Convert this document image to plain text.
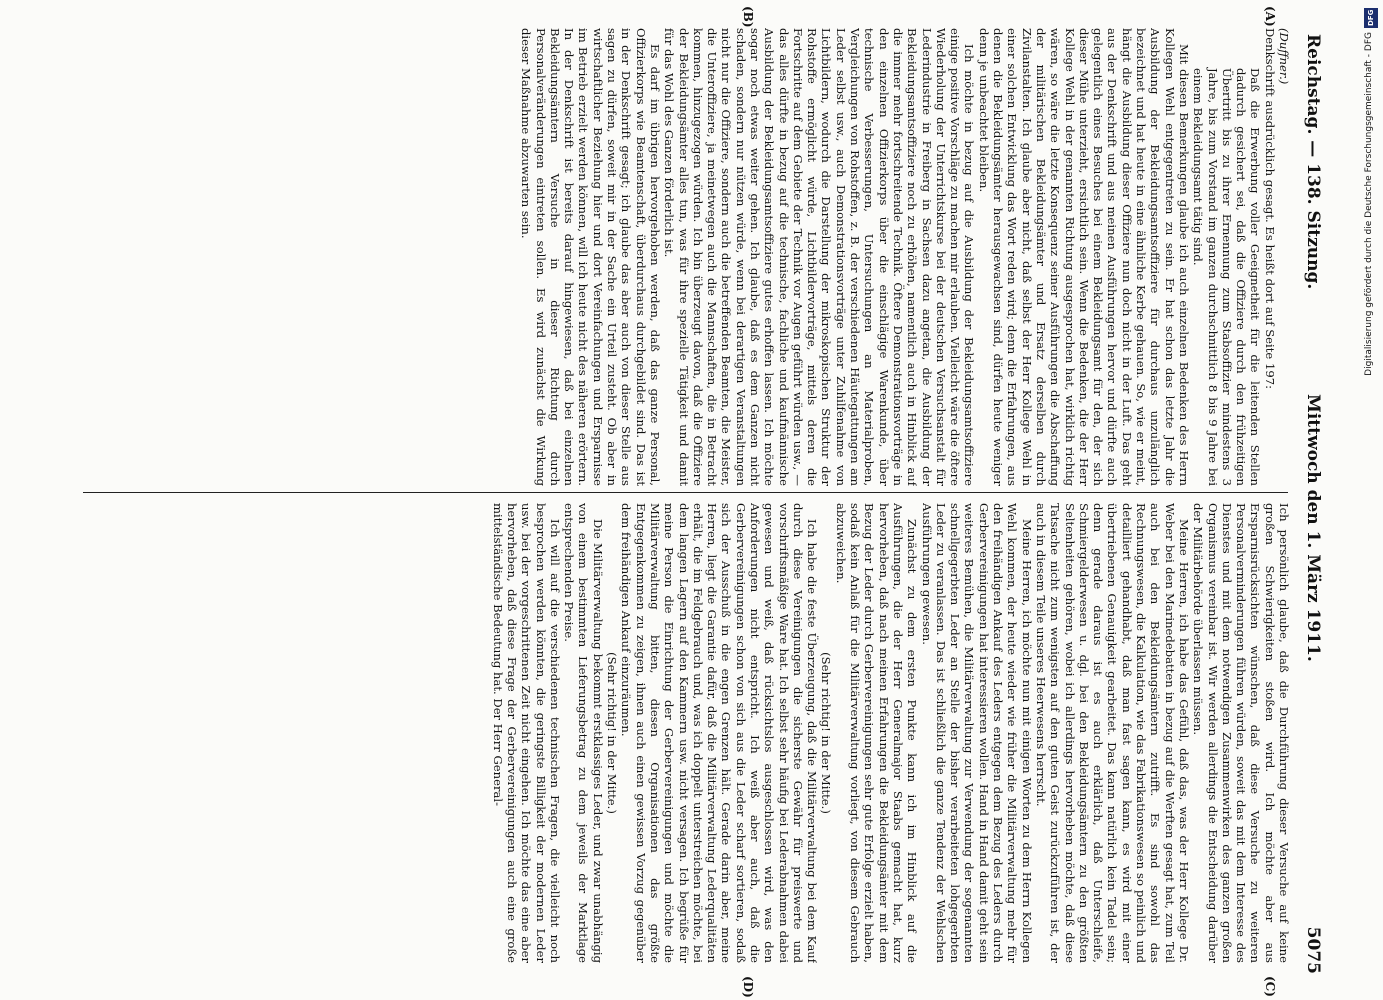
Reichstag. — 138. Sitzung.
Mittwoch den 1. März 1911.
5075
(A)
(B)
(C)
(D)

(Duffner.)

Denkschrift ausdrücklich gesagt. Es heißt dort auf Seite 197:

Daß die Erwerbung voller Geeignetheit für die leitenden Stellen dadurch gesichert sei, daß die Offiziere durch den frühzeitigen Übertritt bis zu ihrer Ernennung zum Stabsoffizier mindestens 3 Jahre, bis zum Vorstand im ganzen durchschnittlich 8 bis 9 Jahre bei einem Bekleidungsamt tätig sind.

Mit diesen Bemerkungen glaube ich auch einzelnen Bedenken des Herrn Kollegen Wehl entgegentreten zu sein. Er hat schon das letzte Jahr die Ausbildung der Bekleidungsamtsoffiziere für durchaus unzulänglich bezeichnet und hat heute in eine ähnliche Kerbe gehauen. So, wie er meint, hängt die Ausbildung dieser Offiziere nun doch nicht in der Luft. Das geht aus der Denkschrift und aus meinen Ausführungen hervor und dürfte auch gelegentlich eines Besuches bei einem Bekleidungsamt für den, der sich dieser Mühe unterzieht, ersichtlich sein. Wenn die Bedenken, die der Herr Kollege Wehl in der genannten Richtung ausgesprochen hat, wirklich richtig wären, so wäre die letzte Konsequenz seiner Ausführungen die Abschaffung der militärischen Bekleidungsämter und Ersatz derselben durch Zivilanstalten. Ich glaube aber nicht, daß selbst der Herr Kollege Wehl in einer solchen Entwicklung das Wort reden wird; denn die Erfahrungen, aus denen die Bekleidungsämter herausgewachsen sind, dürfen heute weniger denn je unbeachtet bleiben.

Ich möchte in bezug auf die Ausbildung der Bekleidungsamtsoffiziere einige positive Vorschläge zu machen mir erlauben. Vielleicht wäre die öftere Wiederholung der Unterrichtskurse bei der deutschen Versuchsanstalt für Lederindustrie in Freiberg in Sachsen dazu angetan, die Ausbildung der Bekleidungsamtsoffiziere noch zu erhöhen, namentlich auch in Hinblick auf die immer mehr fortschreitende Technik. Öftere Demonstrationsvorträge in den einzelnen Offizierkorps über die einschlägige Warenkunde, über technische Verbesserungen, Untersuchungen an Materialproben, Vergleichungen von Rohstoffen, z. B. der verschiedenen Häutegattungen am Leder selbst usw., auch Demonstrationsvorträge unter Zuhilfenahme von Lichtbildern, wodurch die Darstellung der mikroskopischen Struktur der Rohstoffe ermöglicht würde, Lichtbildervorträge, mittels deren die Fortschritte auf dem Gebiete der Technik vor Augen geführt würden usw., — das alles dürfte in bezug auf die technische, fachliche und kaufmännische Ausbildung der Bekleidungsamtsoffiziere gutes erhoffen lassen. Ich möchte sogar noch etwas weiter gehen. Ich glaube, daß es dem Ganzen nicht schaden, sondern nur nützen würde, wenn bei derartigen Veranstaltungen nicht nur die Offiziere, sondern auch die betreffenden Beamten, die Meister, die Unteroffiziere, ja meinetwegen auch die Mannschaften, die in Betracht kommen, hinzugezogen würden. Ich bin überzeugt davon, daß die Offiziere der Bekleidungsämter alles tun, was für ihre spezielle Tätigkeit und damit für das Wohl des Ganzen förderlich ist.

Es darf im übrigen hervorgehoben werden, daß das ganze Personal, Offizierkorps wie Beamtenschaft, überdurchaus durchgebildet sind. Das ist in der Denkschrift gesagt; ich glaube das aber auch von dieser Stelle aus sagen zu dürfen, soweit mir in der Sache ein Urteil zusteht. Ob aber in wirtschaftlicher Beziehung hier und dort Vereinfachungen und Ersparnisse im Betrieb erzielt werden können, will ich heute nicht des näheren erörtern. In der Denkschrift ist bereits darauf hingewiesen, daß bei einzelnen Bekleidungsämtern Versuche in dieser Richtung durch Personalveränderungen eintreten sollen. Es wird zunächst die Wirkung dieser Maßnahme abzuwarten sein.

Ich persönlich glaube, daß die Durchführung dieser Versuche auf keine großen Schwierigkeiten stoßen wird. Ich möchte aber aus Ersparnisrücksichten wünschen, daß diese Versuche zu weiteren Personalverminderungen führen würden, soweit das mit dem Interesse des Dienstes und mit dem notwendigen Zusammenwirken des ganzen großen Organismus vereinbar ist. Wir werden allerdings die Entscheidung darüber der Militärbehörde überlassen müssen.

Meine Herren, ich habe das Gefühl, daß das, was der Herr Kollege Dr. Weber bei den Marinedebatten in bezug auf die Werften gesagt hat, zum Teil auch bei den Bekleidungsämtern zutrifft. Es sind sowohl das Rechnungswesen, die Kalkulation, wie das Fabrikationswesen so peinlich und detailliert gehandhabt, daß man fast sagen kann, es wird mit einer übertriebenen Genauigkeit gearbeitet. Das kann natürlich kein Tadel sein; denn gerade daraus ist es auch erklärlich, daß Unterschleife, Schmiergelderwesen u. dgl. bei den Bekleidungsämtern zu den größten Seltenheiten gehören, wobei ich allerdings hervorheben möchte, daß diese Tatsache nicht zum wenigsten auf den guten Geist zurückzuführen ist, der auch in diesem Teile unseres Heerwesens herrscht.

Meine Herren, ich möchte nun mit einigen Worten zu dem Herrn Kollegen Wehl kommen, der heute wieder wie früher die Militärverwaltung mehr für den freihändigen Ankauf des Leders entgegen dem Bezug des Leders durch Gerbervereinigungen hat interessieren wollen. Hand in Hand damit geht sein weiteres Bemühen, die Militärverwaltung zur Verwendung der sogenannten schnellgegerbten Leder an Stelle der bisher verarbeiteten lohgegerbten Leder zu veranlassen. Das ist schließlich die ganze Tendenz der Wehlschen Ausführungen gewesen.

Zunächst zu dem ersten Punkte kann ich im Hinblick auf die Ausführungen, die der Herr Generalmajor Staabs gemacht hat, kurz hervorheben, daß nach meinen Erfahrungen die Bekleidungsämter mit dem Bezug der Leder durch Gerbervereinigungen sehr gute Erfolge erzielt haben, sodaß kein Anlaß für die Militärverwaltung vorliegt, von diesem Gebrauch abzuweichen.

(Sehr richtig! in der Mitte.)

Ich habe die feste Überzeugung, daß die Militärverwaltung bei dem Kauf durch diese Vereinigungen die sicherste Gewähr für preiswerte und vorschriftsmäßige Ware hat. Ich selbst sehr häufig bei Lederabnahmen dabei gewesen und weiß, daß rücksichtslos ausgeschlossen wird, was den Anforderungen nicht entspricht. Ich weiß aber auch, daß die Gerbervereinigungen schon von sich aus die Leder scharf sortieren, sodaß sich der Ausschuß in die engen Grenzen hält. Gerade darin aber, meine Herren, liegt die Garantie dafür, daß die Militärverwaltung Lederqualitäten erhält, die im Feldgebrauch und, was ich doppelt unterstreichen möchte, bei dem langen Lagern auf den Kammern usw. nicht versagen. Ich begrüße für meine Person die Einrichtung der Gerbervereinigungen und möchte die Militärverwaltung bitten, diesen Organisationen das größte Entgegenkommen zu zeigen, ihnen auch einen gewissen Vorzug gegenüber dem freihändigen Ankauf einzuräumen.

(Sehr richtig! in der Mitte.)

Die Militärverwaltung bekommt erstklassiges Leder, und zwar unabhängig von einem bestimmten Lieferungsbetrag zu dem jeweils der Marktlage entsprechenden Preise.

Ich will auf die verschiedenen technischen Fragen, die vielleicht noch besprochen werden könnten, die geringste Billigkeit der modernen Leder usw. bei der vorgeschrittenen Zeit nicht eingehen. Ich möchte das eine aber hervorheben, daß diese Frage der Gerbervereinigungen auch eine große mittelständische Bedeutung hat. Der Herr General-

DFG
Digitalisierung gefördert durch die Deutsche Forschungsgemeinschaft - DFG
